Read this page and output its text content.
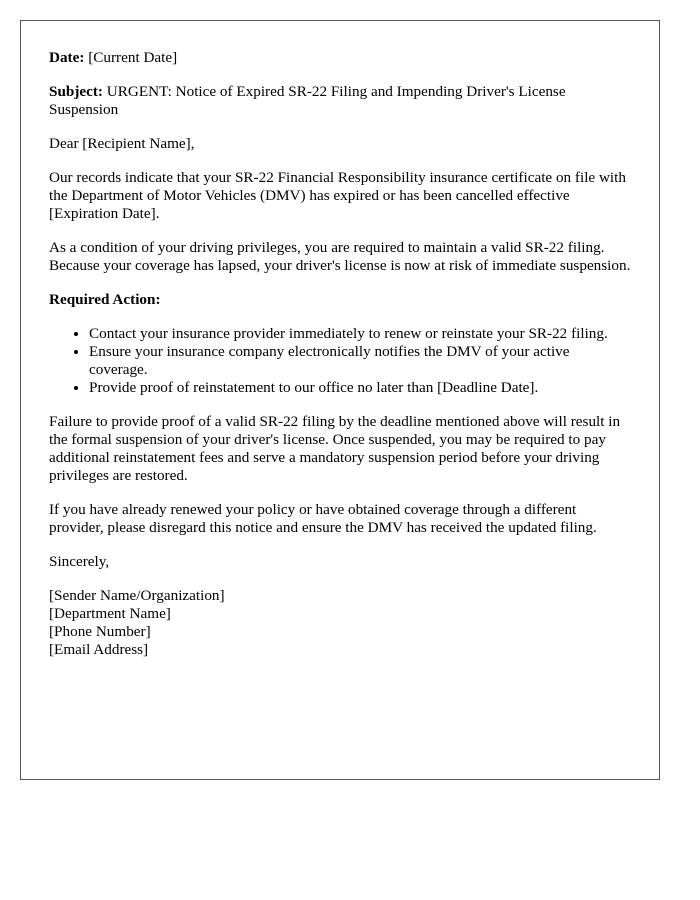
Date: [Current Date]

Subject: URGENT: Notice of Expired SR-22 Filing and Impending Driver's License Suspension

Dear [Recipient Name],

Our records indicate that your SR-22 Financial Responsibility insurance certificate on file with the Department of Motor Vehicles (DMV) has expired or has been cancelled effective [Expiration Date].

As a condition of your driving privileges, you are required to maintain a valid SR-22 filing. Because your coverage has lapsed, your driver's license is now at risk of immediate suspension.

Required Action:

• Contact your insurance provider immediately to renew or reinstate your SR-22 filing.
• Ensure your insurance company electronically notifies the DMV of your active coverage.
• Provide proof of reinstatement to our office no later than [Deadline Date].

Failure to provide proof of a valid SR-22 filing by the deadline mentioned above will result in the formal suspension of your driver's license. Once suspended, you may be required to pay additional reinstatement fees and serve a mandatory suspension period before your driving privileges are restored.

If you have already renewed your policy or have obtained coverage through a different provider, please disregard this notice and ensure the DMV has received the updated filing.

Sincerely,

[Sender Name/Organization]
[Department Name]
[Phone Number]
[Email Address]
